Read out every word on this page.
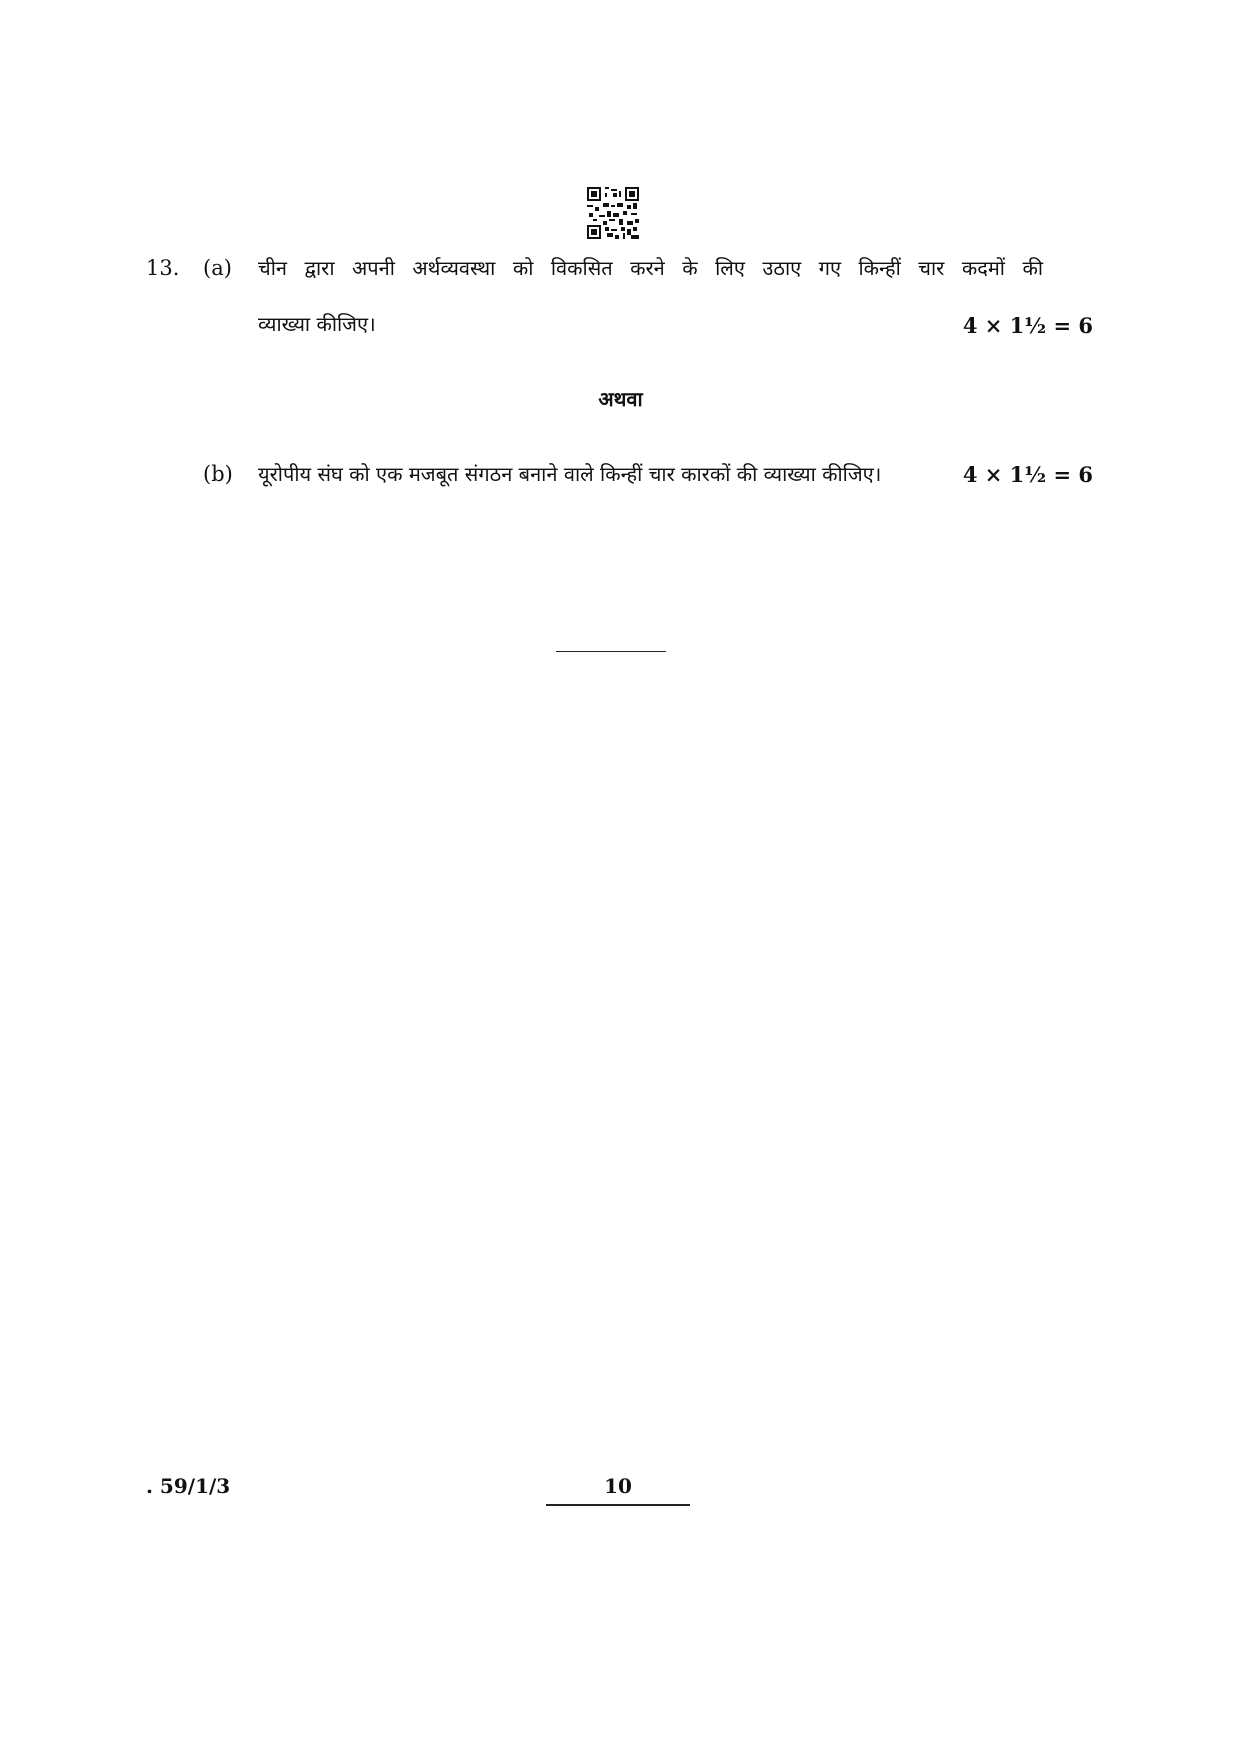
13. (a) चीन द्वारा अपनी अर्थव्यवस्था को विकसित करने के लिए उठाए गए किन्हीं चार कदमों की
व्याख्या कीजिए।	4 × 1½ = 6
अथवा
(b) यूरोपीय संघ को एक मजबूत संगठन बनाने वाले किन्हीं चार कारकों की व्याख्या कीजिए।	4 × 1½ = 6
. 59/1/3	10
